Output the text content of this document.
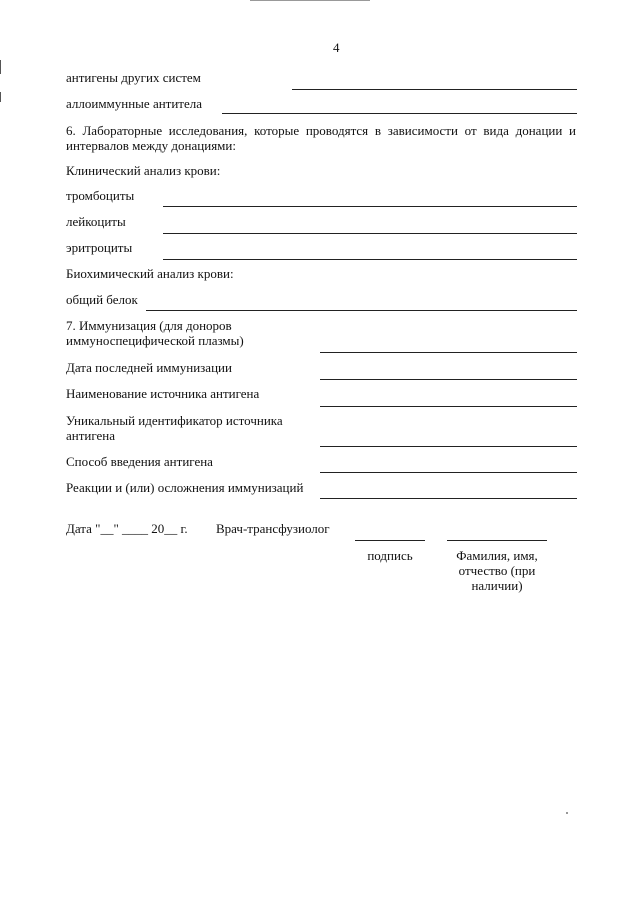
4
антигены других систем
аллоиммунные антитела
6. Лабораторные исследования, которые проводятся в зависимости от вида донации и интервалов между донациями:
Клинический анализ крови:
тромбоциты
лейкоциты
эритроциты
Биохимический анализ крови:
общий белок
7. Иммунизация (для доноров иммуноспецифической плазмы)
Дата последней иммунизации
Наименование источника антигена
Уникальный идентификатор источника антигена
Способ введения антигена
Реакции и (или) осложнения иммунизаций
Дата "__" ____ 20__ г. Врач-трансфузиолог
подпись	Фамилия, имя, отчество (при наличии)
